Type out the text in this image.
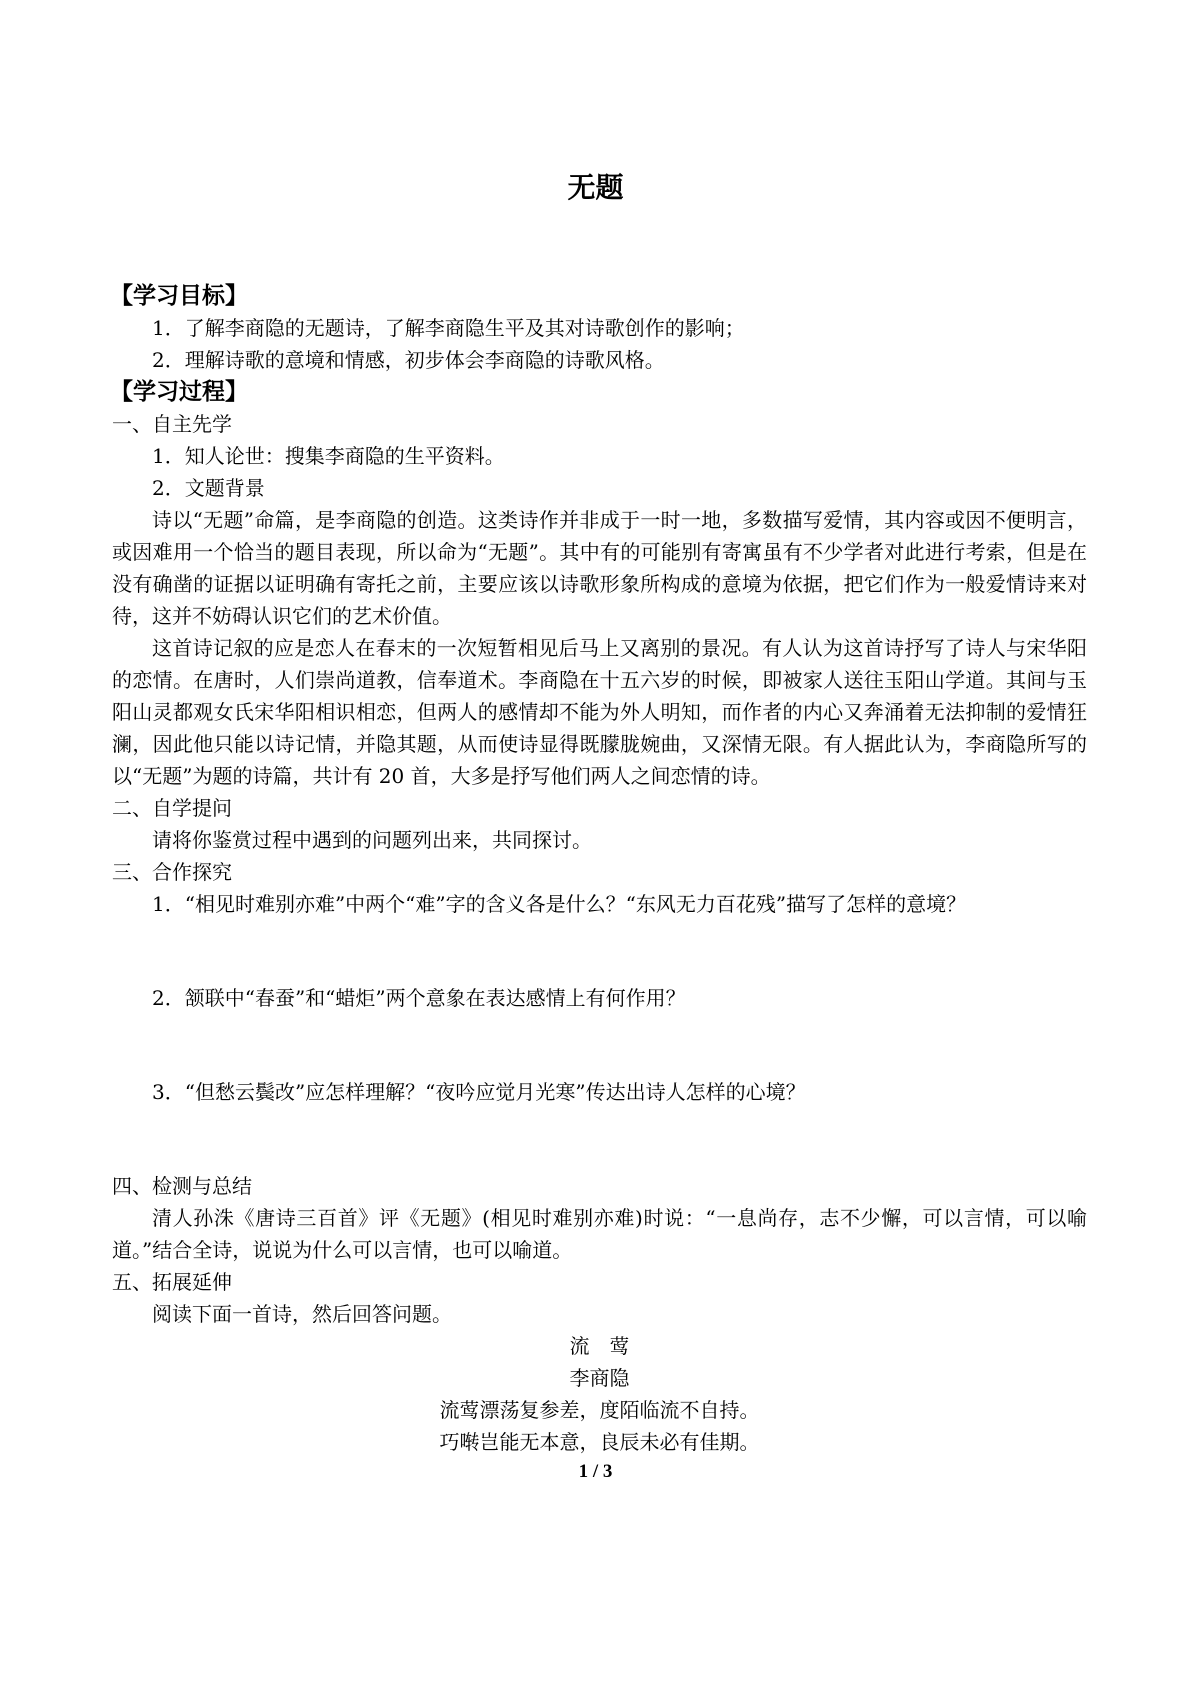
无题
【学习目标】
1．了解李商隐的无题诗，了解李商隐生平及其对诗歌创作的影响；
2．理解诗歌的意境和情感，初步体会李商隐的诗歌风格。
【学习过程】
一、自主先学
1．知人论世：搜集李商隐的生平资料。
2．文题背景
诗以“无题”命篇，是李商隐的创造。这类诗作并非成于一时一地，多数描写爱情，其内容或因不便明言，或因难用一个恰当的题目表现，所以命为“无题”。其中有的可能别有寄寓虽有不少学者对此进行考索，但是在没有确凿的证据以证明确有寄托之前，主要应该以诗歌形象所构成的意境为依据，把它们作为一般爱情诗来对待，这并不妨碍认识它们的艺术价值。
这首诗记叙的应是恋人在春末的一次短暂相见后马上又离别的景况。有人认为这首诗抒写了诗人与宋华阳的恋情。在唐时，人们崇尚道教，信奉道术。李商隐在十五六岁的时候，即被家人送往玉阳山学道。其间与玉阳山灵都观女氏宋华阳相识相恋，但两人的感情却不能为外人明知，而作者的内心又奔涌着无法抑制的爱情狂澜，因此他只能以诗记情，并隐其题，从而使诗显得既朦胧婉曲，又深情无限。有人据此认为，李商隐所写的以“无题”为题的诗篇，共计有 20 首，大多是抒写他们两人之间恋情的诗。
二、自学提问
请将你鉴赏过程中遇到的问题列出来，共同探讨。
三、合作探究
1．“相见时难别亦难”中两个“难”字的含义各是什么？“东风无力百花残”描写了怎样的意境？
2．颔联中“春蚕”和“蜡炬”两个意象在表达感情上有何作用？
3．“但愁云鬓改”应怎样理解？“夜吟应觉月光寒”传达出诗人怎样的心境？
四、检测与总结
清人孙洙《唐诗三百首》评《无题》(相见时难别亦难)时说：“一息尚存，志不少懈，可以言情，可以喻道。”结合全诗，说说为什么可以言情，也可以喻道。
五、拓展延伸
阅读下面一首诗，然后回答问题。
流　莺
李商隐
流莺漂荡复参差，度陌临流不自持。
巧啭岂能无本意，良辰未必有佳期。
1 / 3
